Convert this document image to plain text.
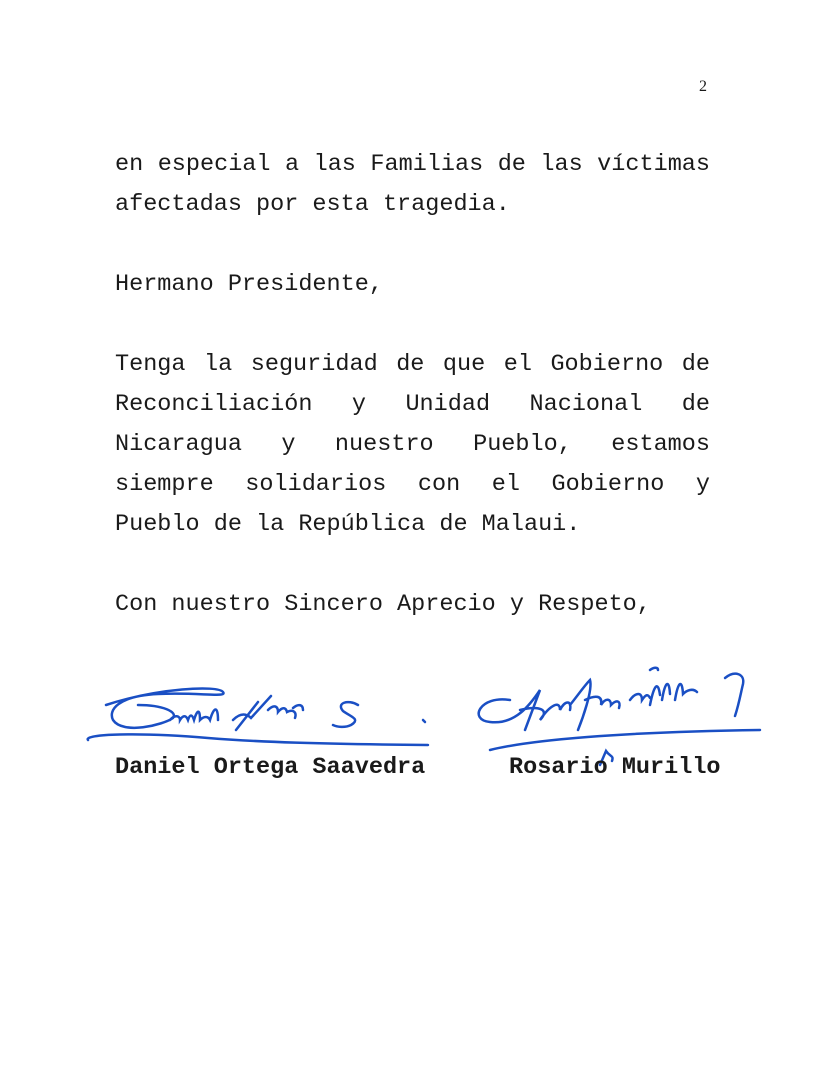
2
en especial a las Familias de las víctimas
afectadas por esta tragedia.
Hermano Presidente,
Tenga la seguridad de que el Gobierno de
Reconciliación y Unidad Nacional de
Nicaragua y nuestro Pueblo, estamos
siempre solidarios con el Gobierno y
Pueblo de la República de Malaui.
Con nuestro Sincero Aprecio y Respeto,
Daniel Ortega Saavedra	Rosario Murillo
